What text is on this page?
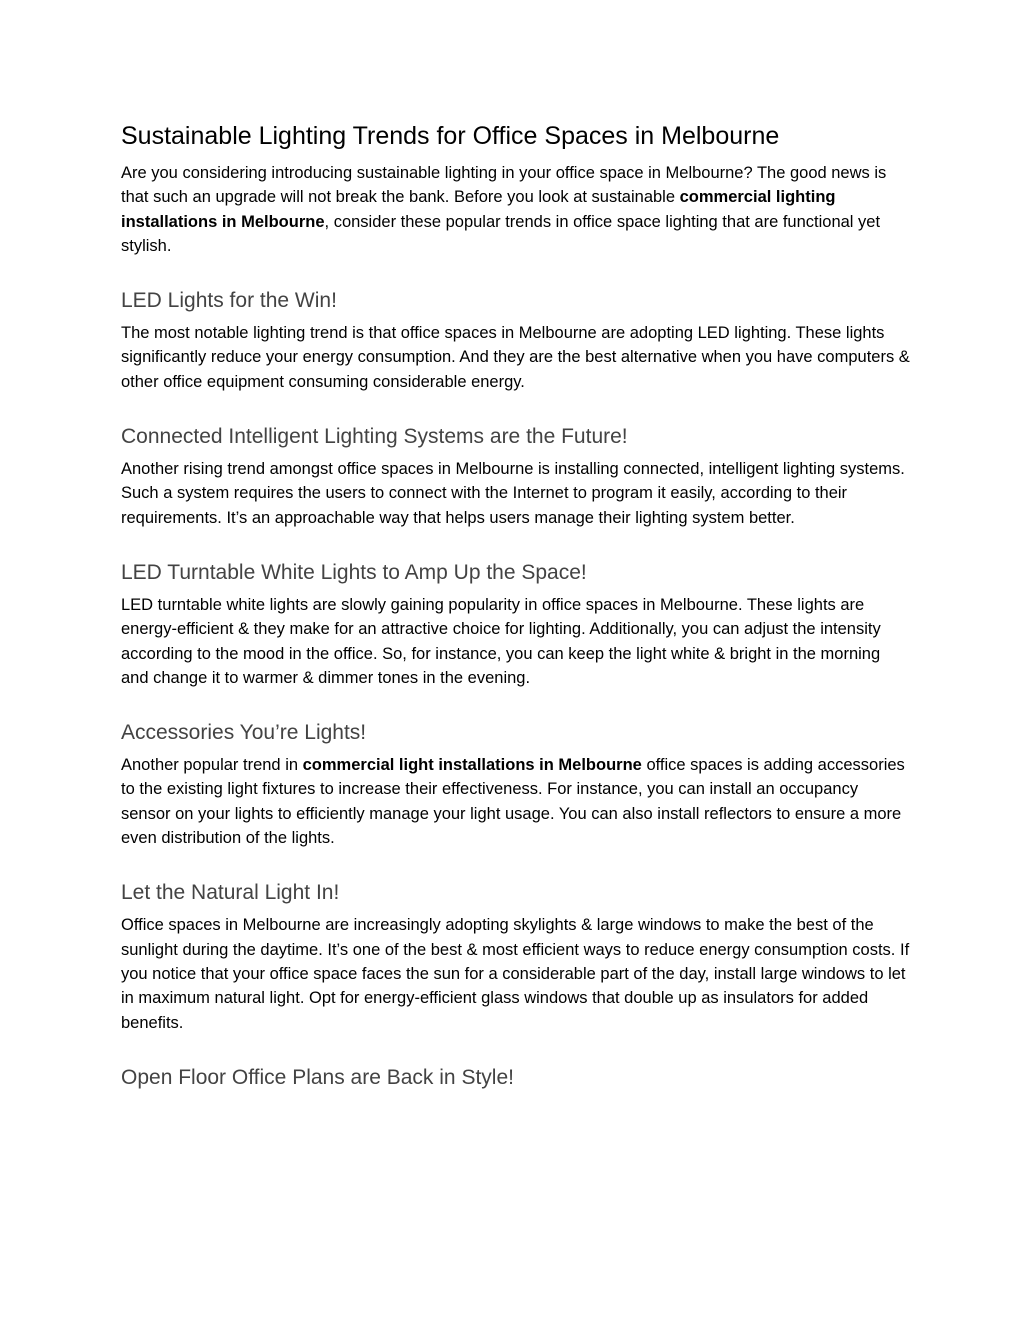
Sustainable Lighting Trends for Office Spaces in Melbourne

Are you considering introducing sustainable lighting in your office space in Melbourne? The good news is that such an upgrade will not break the bank. Before you look at sustainable commercial lighting installations in Melbourne, consider these popular trends in office space lighting that are functional yet stylish.

LED Lights for the Win!

The most notable lighting trend is that office spaces in Melbourne are adopting LED lighting. These lights significantly reduce your energy consumption. And they are the best alternative when you have computers & other office equipment consuming considerable energy.

Connected Intelligent Lighting Systems are the Future!

Another rising trend amongst office spaces in Melbourne is installing connected, intelligent lighting systems. Such a system requires the users to connect with the Internet to program it easily, according to their requirements. It’s an approachable way that helps users manage their lighting system better.

LED Turntable White Lights to Amp Up the Space!

LED turntable white lights are slowly gaining popularity in office spaces in Melbourne. These lights are energy-efficient & they make for an attractive choice for lighting. Additionally, you can adjust the intensity according to the mood in the office. So, for instance, you can keep the light white & bright in the morning and change it to warmer & dimmer tones in the evening.

Accessories You’re Lights!

Another popular trend in commercial light installations in Melbourne office spaces is adding accessories to the existing light fixtures to increase their effectiveness. For instance, you can install an occupancy sensor on your lights to efficiently manage your light usage. You can also install reflectors to ensure a more even distribution of the lights.

Let the Natural Light In!

Office spaces in Melbourne are increasingly adopting skylights & large windows to make the best of the sunlight during the daytime. It’s one of the best & most efficient ways to reduce energy consumption costs. If you notice that your office space faces the sun for a considerable part of the day, install large windows to let in maximum natural light. Opt for energy-efficient glass windows that double up as insulators for added benefits.

Open Floor Office Plans are Back in Style!
